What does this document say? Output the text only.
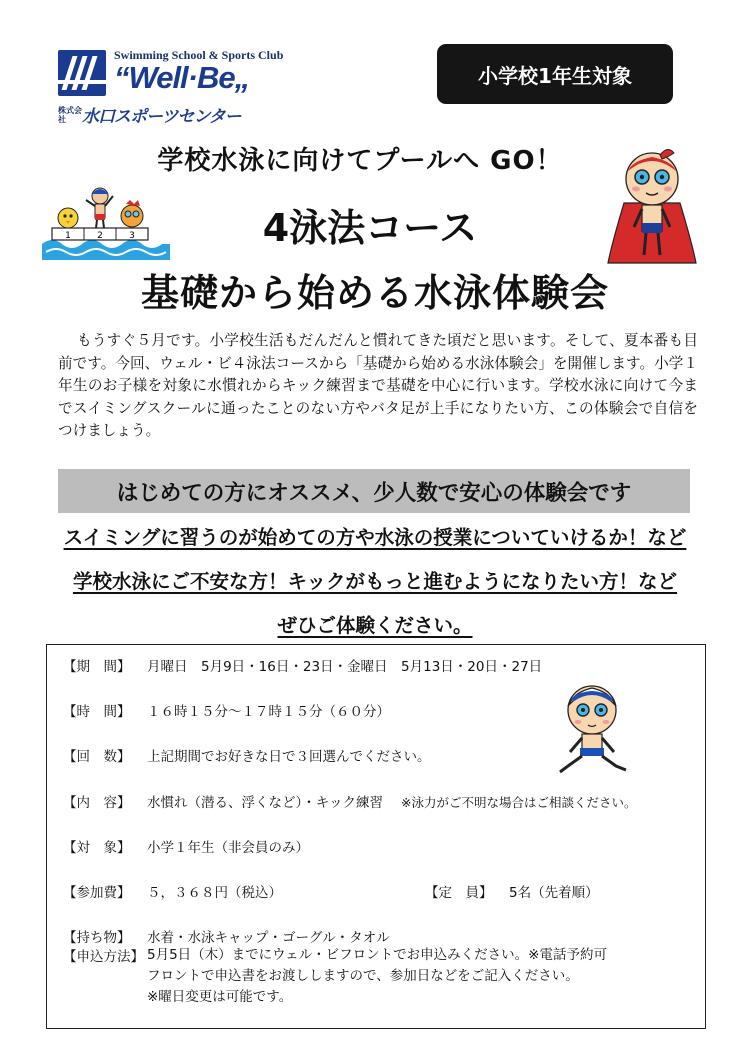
Swimming School & Sports Club
“Well·Be„
株式会社 水口スポーツセンター
小学校1年生対象
学校水泳に向けてプールへ GO！
4泳法コース
基礎から始める水泳体験会
1	2	3
もうすぐ５月です。小学校生活もだんだんと慣れてきた頃だと思います。そして、夏本番も目前です。今回、ウェル・ビ４泳法コースから「基礎から始める水泳体験会」を開催します。小学１年生のお子様を対象に水慣れからキック練習まで基礎を中心に行います。学校水泳に向けて今までスイミングスクールに通ったことのない方やバタ足が上手になりたい方、この体験会で自信をつけましょう。
はじめての方にオススメ、少人数で安心の体験会です
スイミングに習うのが始めての方や水泳の授業についていけるか！など
学校水泳にご不安な方！キックがもっと進むようになりたい方！など
ぜひご体験ください。
【期　間】 月曜日　5月9日・16日・23日・金曜日　5月13日・20日・27日
【時　間】 １６時１５分～１７時１５分（６０分）
【回　数】 上記期間でお好きな日で３回選んでください。
【内　容】 水慣れ（潜る、浮くなど）・キック練習 ※泳力がご不明な場合はご相談ください。
【対　象】 小学１年生（非会員のみ）
【参加費】 ５，３６８円（税込）	【定　員】 5名（先着順）
【持ち物】 水着・水泳キャップ・ゴーグル・タオル
【申込方法】 5月5日（木）までにウェル・ビフロントでお申込みください。※電話予約可
フロントで申込書をお渡ししますので、参加日などをご記入ください。
※曜日変更は可能です。
